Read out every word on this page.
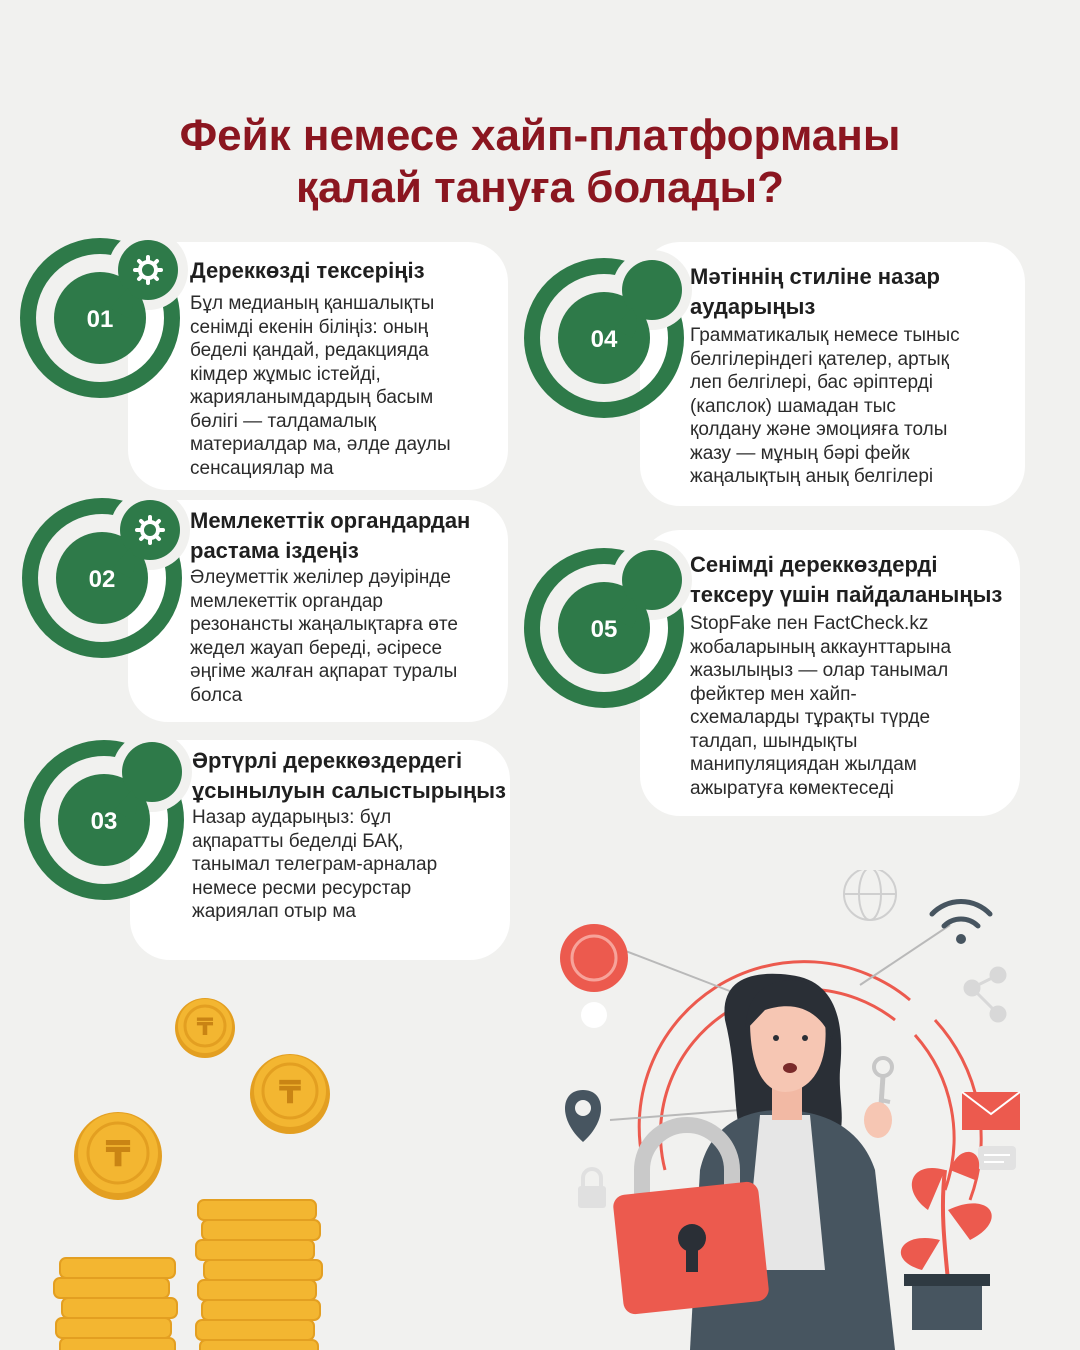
Фейк немесе хайп-платформаны
қалай тануға болады?
01
02
03
04
05
Дереккөзді тексеріңіз
Бұл медианың қаншалықты
сенімді екенін біліңіз: оның
беделі қандай, редакцияда
кімдер жұмыс істейді,
жарияланымдардың басым
бөлігі — талдамалық
материалдар ма, әлде даулы
сенсациялар ма
Мемлекеттік органдардан
растама іздеңіз
Әлеуметтік желілер дәуірінде
мемлекеттік органдар
резонансты жаңалықтарға өте
жедел жауап береді, әсіресе
әңгіме жалған ақпарат туралы
болса
Әртүрлі дереккөздердегі
ұсынылуын салыстырыңыз
Назар аударыңыз: бұл
ақпаратты беделді БАҚ,
танымал телеграм-арналар
немесе ресми ресурстар
жариялап отыр ма
Мәтіннің стиліне назар
аударыңыз
Грамматикалық немесе тыныс
белгілеріндегі қателер, артық
леп белгілері, бас әріптерді
(капслок) шамадан тыс
қолдану және эмоцияға толы
жазу — мұның бәрі фейк
жаңалықтың анық белгілері
Сенімді дереккөздерді
тексеру үшін пайдаланыңыз
StopFake пен FactCheck.kz
жобаларының аккаунттарына
жазылыңыз — олар танымал
фейктер мен хайп-
схемаларды тұрақты түрде
талдап, шындықты
манипуляциядан жылдам
ажыратуға көмектеседі
₸
₸
₸
